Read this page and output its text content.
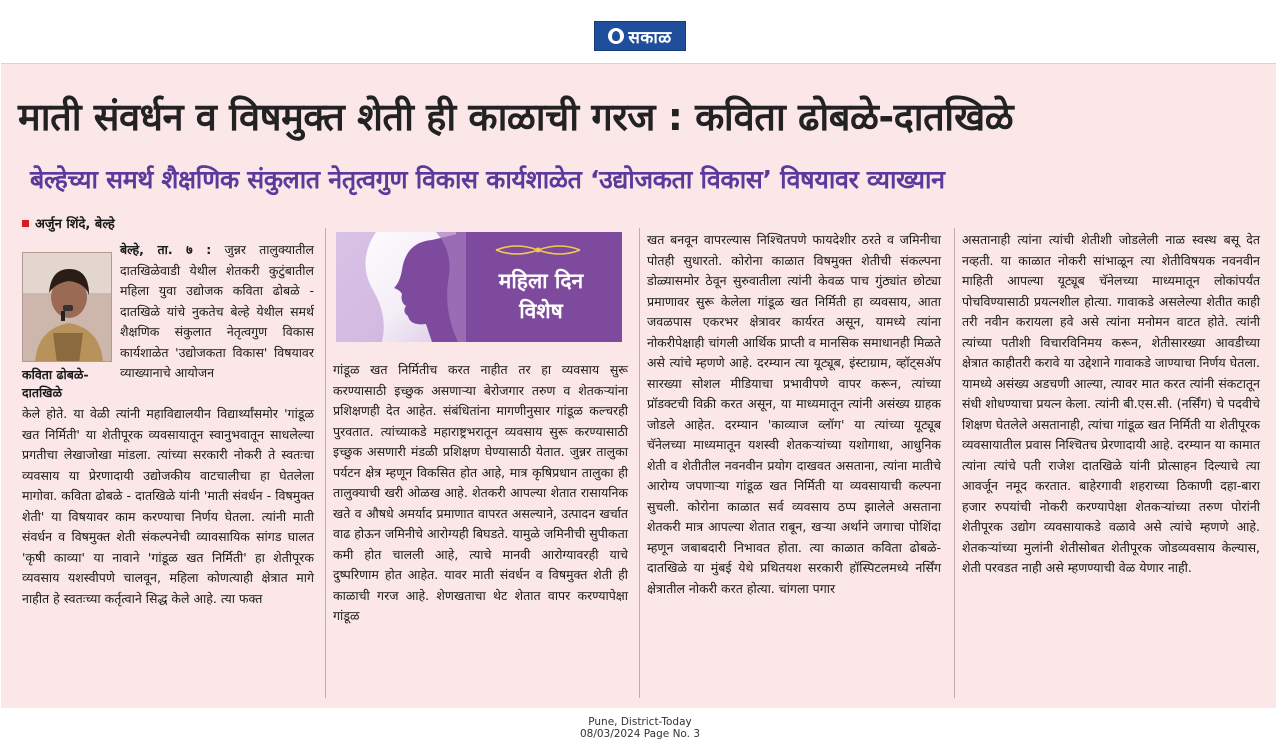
सकाळ
माती संवर्धन व विषमुक्त शेती ही काळाची गरज : कविता ढोबळे-दातखिळे
बेल्हेच्या समर्थ शैक्षणिक संकुलात नेतृत्वगुण विकास कार्यशाळेत ‘उद्योजकता विकास’ विषयावर व्याख्यान
अर्जुन शिंदे, बेल्हे
कविता ढोबळे-दातखिळे
बेल्हे, ता. ७ : जुन्नर तालुक्यातील दातखिळेवाडी येथील शेतकरी कुटुंबातील महिला युवा उद्योजक कविता ढोबळे - दातखिळे यांचे नुकतेच बेल्हे येथील समर्थ शैक्षणिक संकुलात नेतृत्वगुण विकास कार्यशाळेत 'उद्योजकता विकास' विषयावर व्याख्यानाचे आयोजन
केले होते. या वेळी त्यांनी महाविद्यालयीन विद्यार्थ्यांसमोर 'गांडूळ खत निर्मिती' या शेतीपूरक व्यवसायातून स्वानुभवातून साधलेल्या प्रगतीचा लेखाजोखा मांडला. त्यांच्या सरकारी नोकरी ते स्वतःचा व्यवसाय या प्रेरणादायी उद्योजकीय वाटचालीचा हा घेतलेला मागोवा. कविता ढोबळे - दातखिळे यांनी 'माती संवर्धन - विषमुक्त शेती' या विषयावर काम करण्याचा निर्णय घेतला. त्यांनी माती संवर्धन व विषमुक्त शेती संकल्पनेची व्यावसायिक सांगड घालत 'कृषी काव्या' या नावाने 'गांडूळ खत निर्मिती' हा शेतीपूरक व्यवसाय यशस्वीपणे चालवून, महिला कोणत्याही क्षेत्रात मागे नाहीत हे स्वतःच्या कर्तृत्वाने सिद्ध केले आहे. त्या फक्त
महिला दिन विशेष
गांडूळ खत निर्मितीच करत नाहीत तर हा व्यवसाय सुरू करण्यासाठी इच्छुक असणाऱ्या बेरोजगार तरुण व शेतकऱ्यांना प्रशिक्षणही देत आहेत. संबंधितांना मागणीनुसार गांडूळ कल्चरही पुरवतात. त्यांच्याकडे महाराष्ट्रभरातून व्यवसाय सुरू करण्यासाठी इच्छुक असणारी मंडळी प्रशिक्षण घेण्यासाठी येतात. जुन्नर तालुका पर्यटन क्षेत्र म्हणून विकसित होत आहे, मात्र कृषिप्रधान तालुका ही तालुक्याची खरी ओळख आहे. शेतकरी आपल्या शेतात रासायनिक खते व औषधे अमर्याद प्रमाणात वापरत असल्याने, उत्पादन खर्चात वाढ होऊन जमिनीचे आरोग्यही बिघडते. यामुळे जमिनीची सुपीकता कमी होत चालली आहे, त्याचे मानवी आरोग्यावरही याचे दुष्परिणाम होत आहेत. यावर माती संवर्धन व विषमुक्त शेती ही काळाची गरज आहे. शेणखताचा थेट शेतात वापर करण्यापेक्षा गांडूळ
खत बनवून वापरल्यास निश्चितपणे फायदेशीर ठरते व जमिनीचा पोतही सुधारतो. कोरोना काळात विषमुक्त शेतीची संकल्पना डोळ्यासमोर ठेवून सुरुवातीला त्यांनी केवळ पाच गुंठ्यांत छोट्या प्रमाणावर सुरू केलेला गांडूळ खत निर्मिती हा व्यवसाय, आता जवळपास एकरभर क्षेत्रावर कार्यरत असून, यामध्ये त्यांना नोकरीपेक्षाही चांगली आर्थिक प्राप्ती व मानसिक समाधानही मिळते असे त्यांचे म्हणणे आहे. दरम्यान त्या यूट्यूब, इंस्टाग्राम, व्हॉट्सॲप सारख्या सोशल मीडियाचा प्रभावीपणे वापर करून, त्यांच्या प्रॉडक्टची विक्री करत असून, या माध्यमातून त्यांनी असंख्य ग्राहक जोडले आहेत. दरम्यान 'काव्याज व्लॉग' या त्यांच्या यूट्यूब चॅनेलच्या माध्यमातून यशस्वी शेतकऱ्यांच्या यशोगाथा, आधुनिक शेती व शेतीतील नवनवीन प्रयोग दाखवत असताना, त्यांना मातीचे आरोग्य जपणाऱ्या गांडूळ खत निर्मिती या व्यवसायाची कल्पना सुचली. कोरोना काळात सर्व व्यवसाय ठप्प झालेले असताना शेतकरी मात्र आपल्या शेतात राबून, खऱ्या अर्थाने जगाचा पोशिंदा म्हणून जबाबदारी निभावत होता. त्या काळात कविता ढोबळे-दातखिळे या मुंबई येथे प्रथितयश सरकारी हॉस्पिटलमध्ये नर्सिंग क्षेत्रातील नोकरी करत होत्या. चांगला पगार
असतानाही त्यांना त्यांची शेतीशी जोडलेली नाळ स्वस्थ बसू देत नव्हती. या काळात नोकरी सांभाळून त्या शेतीविषयक नवनवीन माहिती आपल्या यूट्यूब चॅनेलच्या माध्यमातून लोकांपर्यंत पोचविण्यासाठी प्रयत्नशील होत्या. गावाकडे असलेल्या शेतीत काही तरी नवीन करायला हवे असे त्यांना मनोमन वाटत होते. त्यांनी त्यांच्या पतीशी विचारविनिमय करून, शेतीसारख्या आवडीच्या क्षेत्रात काहीतरी करावे या उद्देशाने गावाकडे जाण्याचा निर्णय घेतला. यामध्ये असंख्य अडचणी आल्या, त्यावर मात करत त्यांनी संकटातून संधी शोधण्याचा प्रयत्न केला. त्यांनी बी.एस.सी. (नर्सिंग) चे पदवीचे शिक्षण घेतलेले असतानाही, त्यांचा गांडूळ खत निर्मिती या शेतीपूरक व्यवसायातील प्रवास निश्चितच प्रेरणादायी आहे. दरम्यान या कामात त्यांना त्यांचे पती राजेश दातखिळे यांनी प्रोत्साहन दिल्याचे त्या आवर्जून नमूद करतात. बाहेरगावी शहराच्या ठिकाणी दहा-बारा हजार रुपयांची नोकरी करण्यापेक्षा शेतकऱ्यांच्या तरुण पोरांनी शेतीपूरक उद्योग व्यवसायाकडे वळावे असे त्यांचे म्हणणे आहे. शेतकऱ्यांच्या मुलांनी शेतीसोबत शेतीपूरक जोडव्यवसाय केल्यास, शेती परवडत नाही असे म्हणण्याची वेळ येणार नाही.
Pune, District-Today
08/03/2024 Page No. 3
